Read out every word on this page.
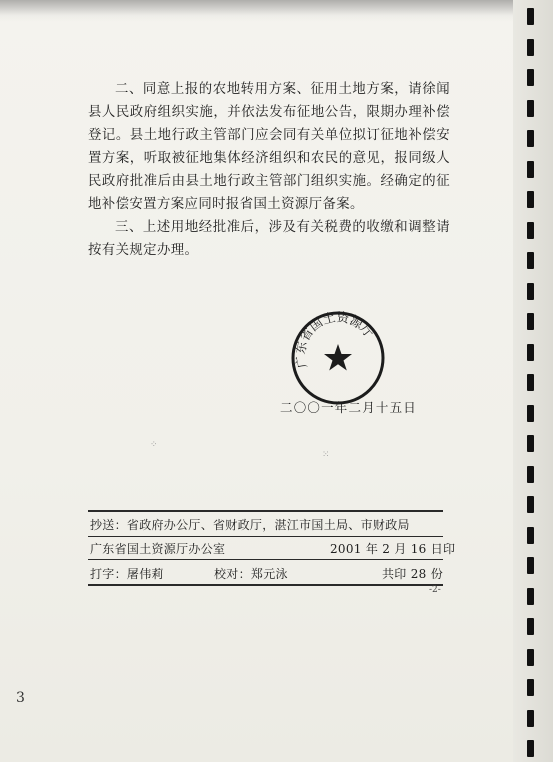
二、同意上报的农地转用方案、征用土地方案，请徐闻县人民政府组织实施，并依法发布征地公告，限期办理补偿登记。县土地行政主管部门应会同有关单位拟订征地补偿安置方案，听取被征地集体经济组织和农民的意见，报同级人民政府批准后由县土地行政主管部门组织实施。经确定的征地补偿安置方案应同时报省国土资源厅备案。

三、上述用地经批准后，涉及有关税费的收缴和调整请按有关规定办理。

广东省国土资源厅
二〇〇一年二月十五日
⁘
⁙
抄送：省政府办公厅、省财政厅，湛江市国土局、市财政局
广东省国土资源厅办公室	2001 年 2 月 16 日印
打字：屠伟莉	校对：郑元泳	共印 28 份
-2-
3
